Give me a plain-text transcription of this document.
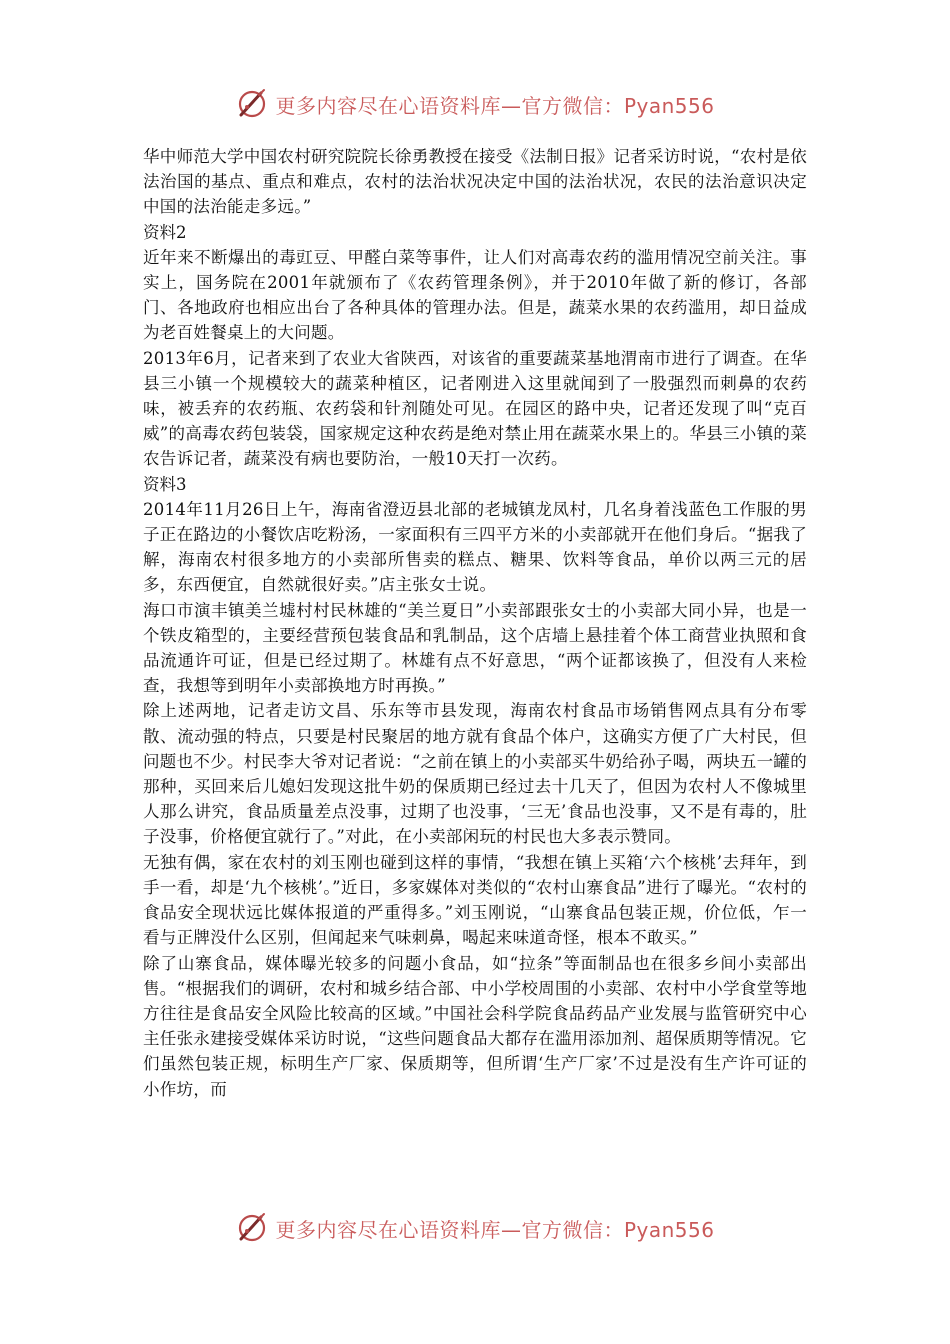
更多内容尽在心语资料库—官方微信：Pyan556

华中师范大学中国农村研究院院长徐勇教授在接受《法制日报》记者采访时说，“农村是依法治国的基点、重点和难点，农村的法治状况决定中国的法治状况，农民的法治意识决定中国的法治能走多远。”

资料2

近年来不断爆出的毒豇豆、甲醛白菜等事件，让人们对高毒农药的滥用情况空前关注。事实上，国务院在2001年就颁布了《农药管理条例》，并于2010年做了新的修订，各部门、各地政府也相应出台了各种具体的管理办法。但是，蔬菜水果的农药滥用，却日益成为老百姓餐桌上的大问题。

2013年6月，记者来到了农业大省陕西，对该省的重要蔬菜基地渭南市进行了调查。在华县三小镇一个规模较大的蔬菜种植区，记者刚进入这里就闻到了一股强烈而刺鼻的农药味，被丢弃的农药瓶、农药袋和针剂随处可见。在园区的路中央，记者还发现了叫“克百威”的高毒农药包装袋，国家规定这种农药是绝对禁止用在蔬菜水果上的。华县三小镇的菜农告诉记者，蔬菜没有病也要防治，一般10天打一次药。

资料3

2014年11月26日上午，海南省澄迈县北部的老城镇龙凤村，几名身着浅蓝色工作服的男子正在路边的小餐饮店吃粉汤，一家面积有三四平方米的小卖部就开在他们身后。“据我了解，海南农村很多地方的小卖部所售卖的糕点、糖果、饮料等食品，单价以两三元的居多，东西便宜，自然就很好卖。”店主张女士说。

海口市演丰镇美兰墟村村民林雄的“美兰夏日”小卖部跟张女士的小卖部大同小异，也是一个铁皮箱型的，主要经营预包装食品和乳制品，这个店墙上悬挂着个体工商营业执照和食品流通许可证，但是已经过期了。林雄有点不好意思，“两个证都该换了，但没有人来检查，我想等到明年小卖部换地方时再换。”

除上述两地，记者走访文昌、乐东等市县发现，海南农村食品市场销售网点具有分布零散、流动强的特点，只要是村民聚居的地方就有食品个体户，这确实方便了广大村民，但问题也不少。村民李大爷对记者说：“之前在镇上的小卖部买牛奶给孙子喝，两块五一罐的那种，买回来后儿媳妇发现这批牛奶的保质期已经过去十几天了，但因为农村人不像城里人那么讲究，食品质量差点没事，过期了也没事，‘三无’食品也没事，又不是有毒的，肚子没事，价格便宜就行了。”对此，在小卖部闲玩的村民也大多表示赞同。

无独有偶，家在农村的刘玉刚也碰到这样的事情，“我想在镇上买箱‘六个核桃’去拜年，到手一看，却是‘九个核桃’。”近日，多家媒体对类似的“农村山寨食品”进行了曝光。“农村的食品安全现状远比媒体报道的严重得多。”刘玉刚说，“山寨食品包装正规，价位低，乍一看与正牌没什么区别，但闻起来气味刺鼻，喝起来味道奇怪，根本不敢买。”

除了山寨食品，媒体曝光较多的问题小食品，如“拉条”等面制品也在很多乡间小卖部出售。“根据我们的调研，农村和城乡结合部、中小学校周围的小卖部、农村中小学食堂等地方往往是食品安全风险比较高的区域。”中国社会科学院食品药品产业发展与监管研究中心主任张永建接受媒体采访时说，“这些问题食品大都存在滥用添加剂、超保质期等情况。它们虽然包装正规，标明生产厂家、保质期等，但所谓‘生产厂家’不过是没有生产许可证的小作坊，而

更多内容尽在心语资料库—官方微信：Pyan556
